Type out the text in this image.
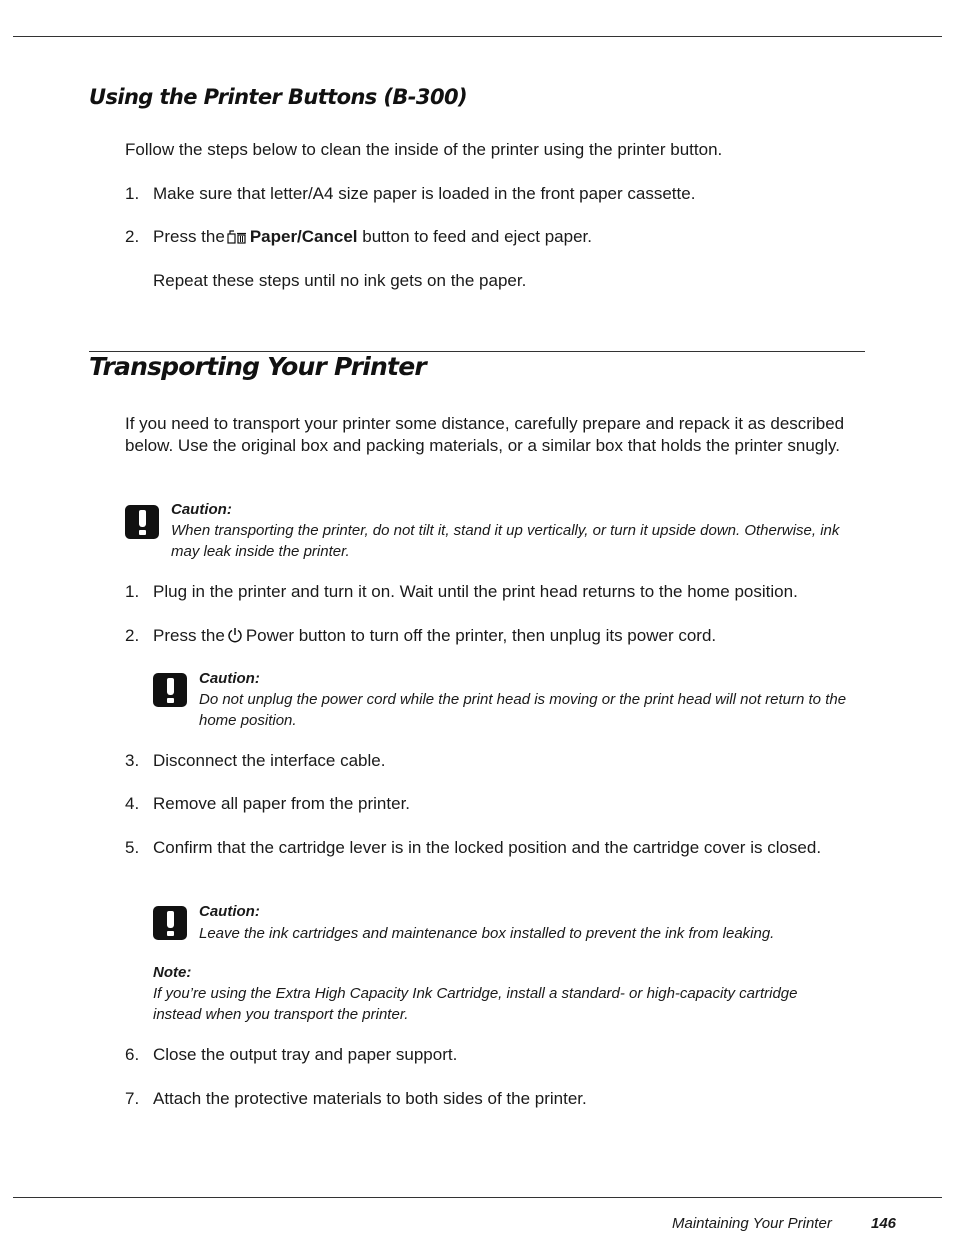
Using the Printer Buttons (B-300)

Follow the steps below to clean the inside of the printer using the printer button.

1. Make sure that letter/A4 size paper is loaded in the front paper cassette.

2. Press the Paper/Cancel button to feed and eject paper.

Repeat these steps until no ink gets on the paper.

Transporting Your Printer

If you need to transport your printer some distance, carefully prepare and repack it as described below. Use the original box and packing materials, or a similar box that holds the printer snugly.

Caution:

When transporting the printer, do not tilt it, stand it up vertically, or turn it upside down. Otherwise, ink may leak inside the printer.

1. Plug in the printer and turn it on. Wait until the print head returns to the home position.

2. Press the Power button to turn off the printer, then unplug its power cord.

Caution:

Do not unplug the power cord while the print head is moving or the print head will not return to the home position.

3. Disconnect the interface cable.

4. Remove all paper from the printer.

5. Confirm that the cartridge lever is in the locked position and the cartridge cover is closed.

Caution:

Leave the ink cartridges and maintenance box installed to prevent the ink from leaking.

Note:

If you’re using the Extra High Capacity Ink Cartridge, install a standard- or high-capacity cartridge instead when you transport the printer.

6. Close the output tray and paper support.

7. Attach the protective materials to both sides of the printer.

Maintaining Your Printer	146
